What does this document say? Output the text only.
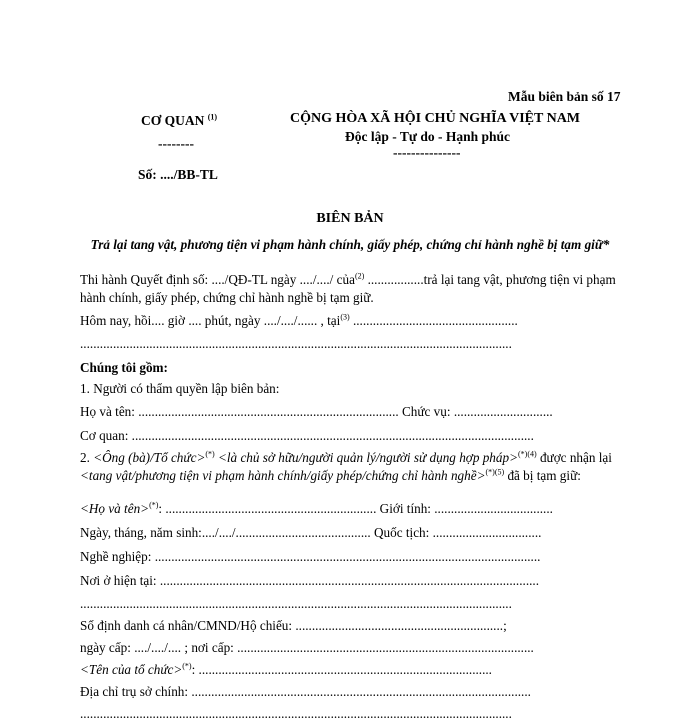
Mẫu biên bản số 17
CƠ QUAN $^{(1)}$
--------
Số: ..../BB-TL
CỘNG HÒA XÃ HỘI CHỦ NGHĨA VIỆT NAM
Độc lập - Tự do - Hạnh phúc
---------------
BIÊN BẢN
Trả lại tang vật, phương tiện vi phạm hành chính, giấy phép, chứng chỉ hành nghề bị tạm giữ*
Thi hành Quyết định số: ..../QĐ-TL ngày ..../..../ của$^{(2)}$ .................trả lại tang vật, phương tiện vi phạm hành chính, giấy phép, chứng chỉ hành nghề bị tạm giữ.
Hôm nay, hồi.... giờ .... phút, ngày ..../..../...... , tại$^{(3)}$ ..................................................
...................................................................................................................................
Chúng tôi gồm:
1. Người có thẩm quyền lập biên bản:
Họ và tên: ............................................................................... Chức vụ: ..............................
Cơ quan: ..........................................................................................................................
2. <Ông (bà)/Tổ chức>(*) <là chủ sở hữu/người quản lý/người sử dụng hợp pháp>$^{(*)(4)}$ được nhận lại <tang vật/phương tiện vi phạm hành chính/giấy phép/chứng chỉ hành nghề>$^{(*)(5)}$ đã bị tạm giữ:
<Họ và tên>(*): ................................................................ Giới tính: ....................................
Ngày, tháng, năm sinh:..../..../......................................... Quốc tịch: .................................
Nghề nghiệp: .....................................................................................................................
Nơi ở hiện tại: ...................................................................................................................
...................................................................................................................................
Số định danh cá nhân/CMND/Hộ chiếu: ...............................................................;
ngày cấp: ..../..../.... ; nơi cấp: ..........................................................................................
<Tên của tổ chức>(*): .........................................................................................
Địa chỉ trụ sở chính: .......................................................................................................
...................................................................................................................................
